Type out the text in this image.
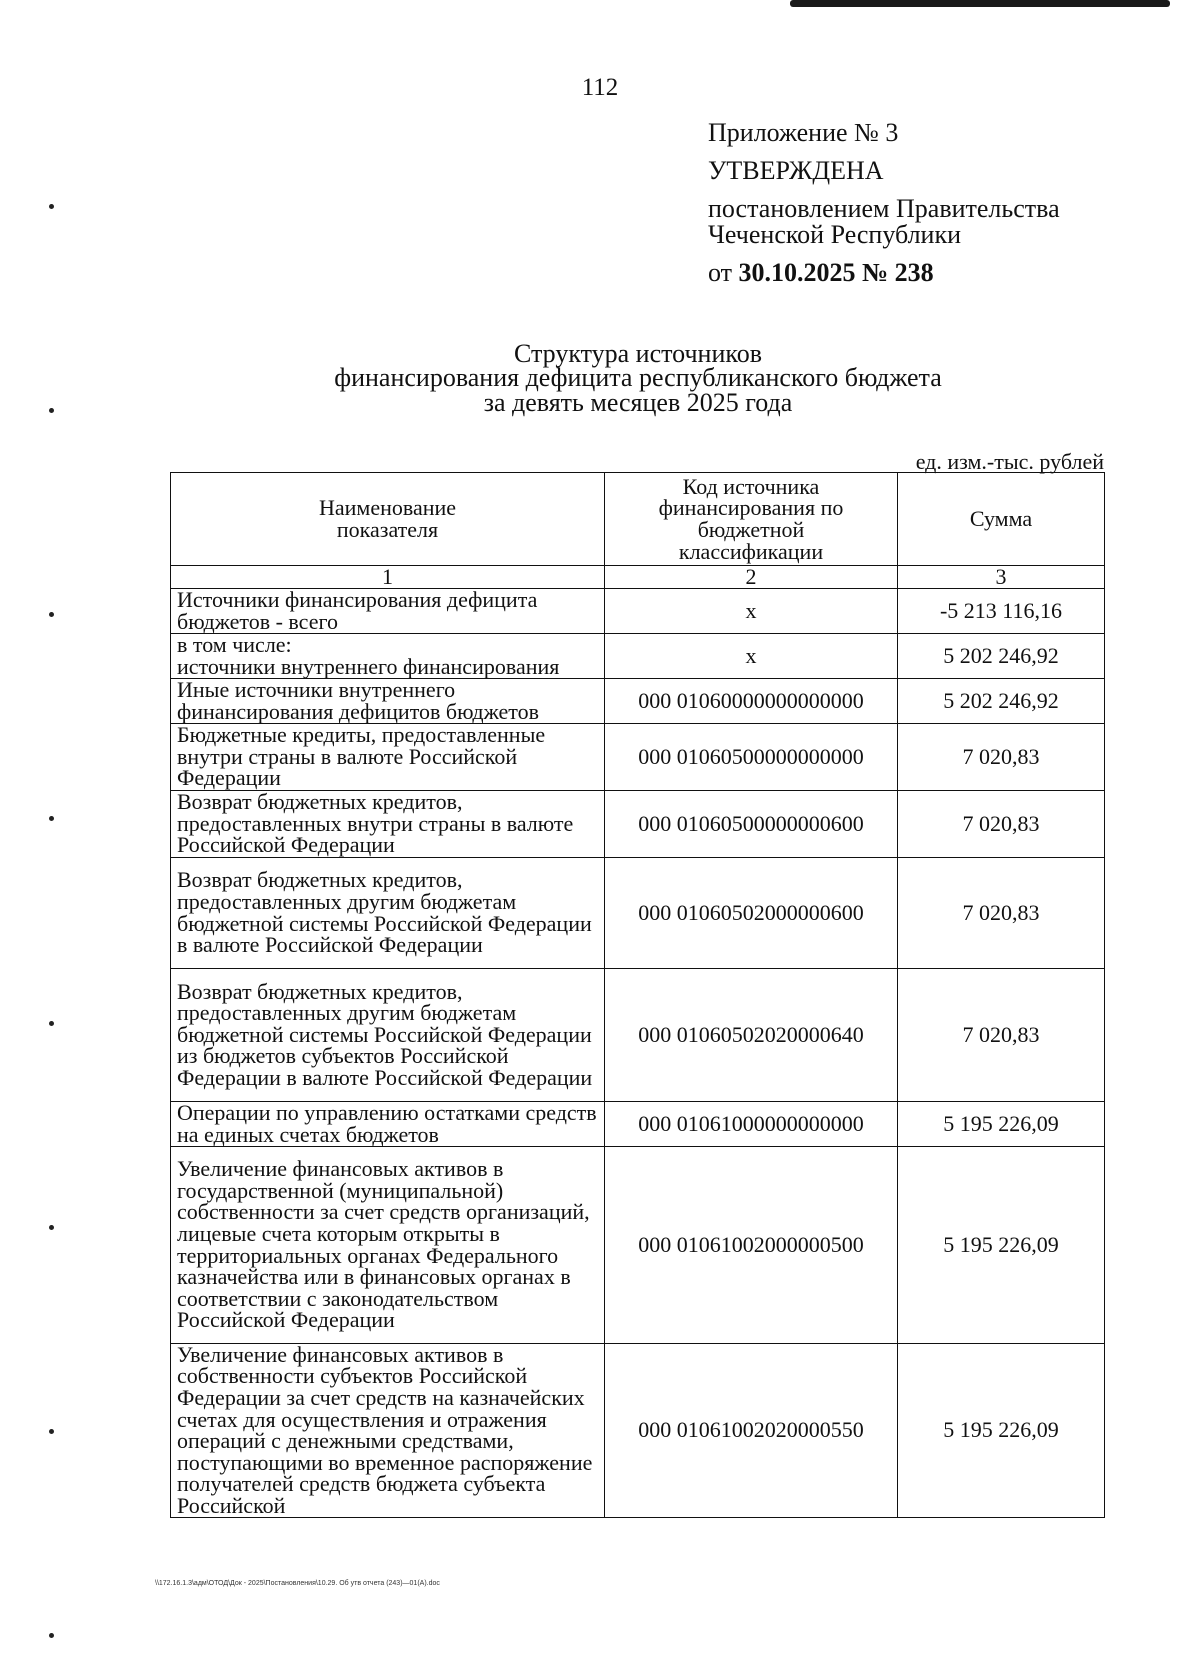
112
Приложение № 3
УТВЕРЖДЕНА
постановлением Правительства
Чеченской Республики
от 30.10.2025 № 238
Структура источников
финансирования дефицита республиканского бюджета
за девять месяцев 2025 года
ед. изм.-тыс. рублей
Наименование показателя	Код источника финансирования по бюджетной классификации	Сумма
1	2	3
Источники финансирования дефицита бюджетов - всего	х	-5 213 116,16
в том числе:
источники внутреннего финансирования	х	5 202 246,92
Иные источники внутреннего финансирования дефицитов бюджетов	000 01060000000000000	5 202 246,92
Бюджетные кредиты, предоставленные внутри страны в валюте Российской Федерации	000 01060500000000000	7 020,83
Возврат бюджетных кредитов, предоставленных внутри страны в валюте Российской Федерации	000 01060500000000600	7 020,83
Возврат бюджетных кредитов, предоставленных другим бюджетам бюджетной системы Российской Федерации в валюте Российской Федерации	000 01060502000000600	7 020,83
Возврат бюджетных кредитов, предоставленных другим бюджетам бюджетной системы Российской Федерации из бюджетов субъектов Российской Федерации в валюте Российской Федерации	000 01060502020000640	7 020,83
Операции по управлению остатками средств на единых счетах бюджетов	000 01061000000000000	5 195 226,09
Увеличение финансовых активов в государственной (муниципальной) собственности за счет средств организаций, лицевые счета которым открыты в территориальных органах Федерального казначейства или в финансовых органах в соответствии с законодательством Российской Федерации	000 01061002000000500	5 195 226,09
Увеличение финансовых активов в собственности субъектов Российской Федерации за счет средств на казначейских счетах для осуществления и отражения операций с денежными средствами, поступающими во временное распоряжение получателей средств бюджета субъекта Российской	000 01061002020000550	5 195 226,09
\\172.16.1.3\адм\ОТОД\Док - 2025\Постановления\10.29. Об утв отчета (243)—01(А).doc
